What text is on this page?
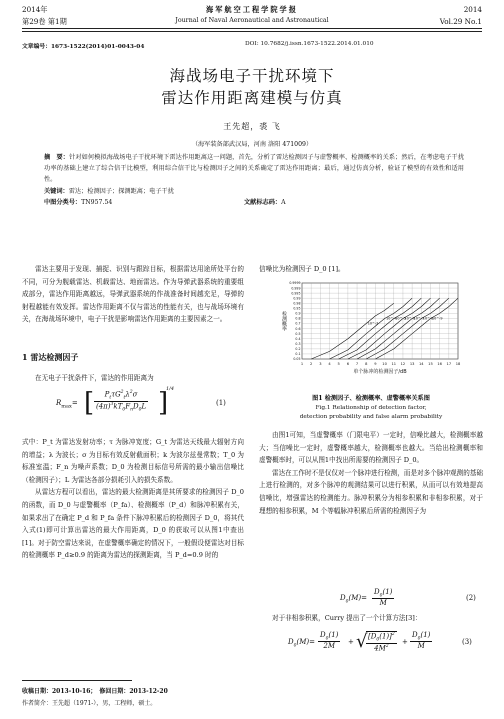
2014年
第29卷 第1期
海军航空工程学院学报
Journal of Naval Aeronautical and Astronautical
2014
Vol.29 No.1
文章编号：1673-1522(2014)01-0043-04	DOI: 10.7682/j.issn.1673-1522.2014.01.010
海战场电子干扰环境下
雷达作用距离建模与仿真
王先超，裘 飞
（海军装备部武汉局，河南 洛阳 471009）
摘　要：针对如何模拟海战场电子干扰环境下雷达作用距离这一问题，首先，分析了雷达检测因子与虚警概率、检测概率的关系；然后，在考虑电子干扰功率的基础上建立了综合信干比模型，利用综合信干比与检测因子之间的关系确定了雷达作用距离；最后，通过仿真分析，验证了模型的有效性和适用性。
关键词：雷达；检测因子；探测距离；电子干扰
中图分类号：TN957.54	文献标志码：A

雷达主要用于发现、捕捉、识别与跟踪目标，根据雷达用途所处平台的不同，可分为舰载雷达、机载雷达、地面雷达。作为导弹武器系统的重要组成部分，雷达作用距离越远，导弹武器系统的作战准备时间越充足，导弹的射程越能有效发挥。雷达作用距离不仅与雷达的性能有关，也与战场环境有关，在海战场环境中，电子干扰是影响雷达作用距离的主要因素之一。

1 雷达检测因子

在无电子干扰条件下，雷达的作用距离为

$R_{max}=$ [	$P_t\tau G^2_t\lambda^2\sigma$
$(4\pi)^3kT_0F_nD_0L$ ]
1/4
(1)

式中：P_t 为雷达发射功率；τ 为脉冲宽度；G_t 为雷达天线最大辐射方向的增益；λ 为波长；σ 为目标有效反射截面积；k 为波尔兹曼常数；T_0 为标准室温；F_n 为噪声系数；D_0 为检测目标信号所需的最小输出信噪比（检测因子）；L 为雷达各部分损耗引入的损失系数。

从雷达方程可以看出，雷达的最大检测距离是其所要求的检测因子 D_0 的函数，而 D_0 与虚警概率（P_fa）、检测概率（P_d）和脉冲积累有关，如果求出了在确定 P_d 和 P_fa 条件下脉冲积累后的检测因子 D_0，将其代入式(1)即可计算出雷达的最大作用距离，D_0 的获取可以从图1中查出[1]。对于防空雷达来说，在虚警概率确定的情况下，一般假设便雷达对目标的检测概率 P_d≥0.9 的距离为雷达的探测距离，当 P_d=0.9 时的

信噪比为检测因子 D_0 [1]。

1 2 3 4 5 6 7 8 9 10 11 12 13 14 15 16 17 18
0.9999
0.999
0.995
0.99
0.98
0.95
0.9
0.8
0.7
0.6
0.5
0.4
0.3
0.2
0.1
0.05
单个脉冲的检测因子/dB
检测概率	10^-3
10^-4
10^-5
10^-6
10^-7
10^-8
10^-9
图1 检测因子、检测概率、虚警概率关系图
Fig.1 Relationship of detection factor,
detection probability and false alarm probability

由图1可知，当虚警概率（门限电平）一定时，信噪比越大，检测概率越大；当信噪比一定时，虚警概率越大，检测概率也越大。当给出检测概率和虚警概率时，可以从图1中找出所需要的检测因子 D_0。

雷达在工作时不是仅仅对一个脉冲进行检测，而是对多个脉冲观测的基础上进行检测的，对多个脉冲的观测结果可以进行积累，从而可以有效地提高信噪比，增强雷达的检测能力。脉冲积累分为相参积累和非相参积累，对于理想的相参积累，M 个等幅脉冲积累后所需的检测因子为

$D_0(M)= \frac{D_0(1)}{M}$	(2)

对于非相参积累，Curry 提出了一个计算方法[3]：

$D_0(M)= \frac{D_0(1)}{2M}$ + √
$\frac{[D_0(1)]^2}{4M^2} + \frac{D_0(1)}{M}$	(3)
收稿日期：2013-10-16；　修回日期：2013-12-20
作者简介：王先超（1971-），男，工程师，硕士。
